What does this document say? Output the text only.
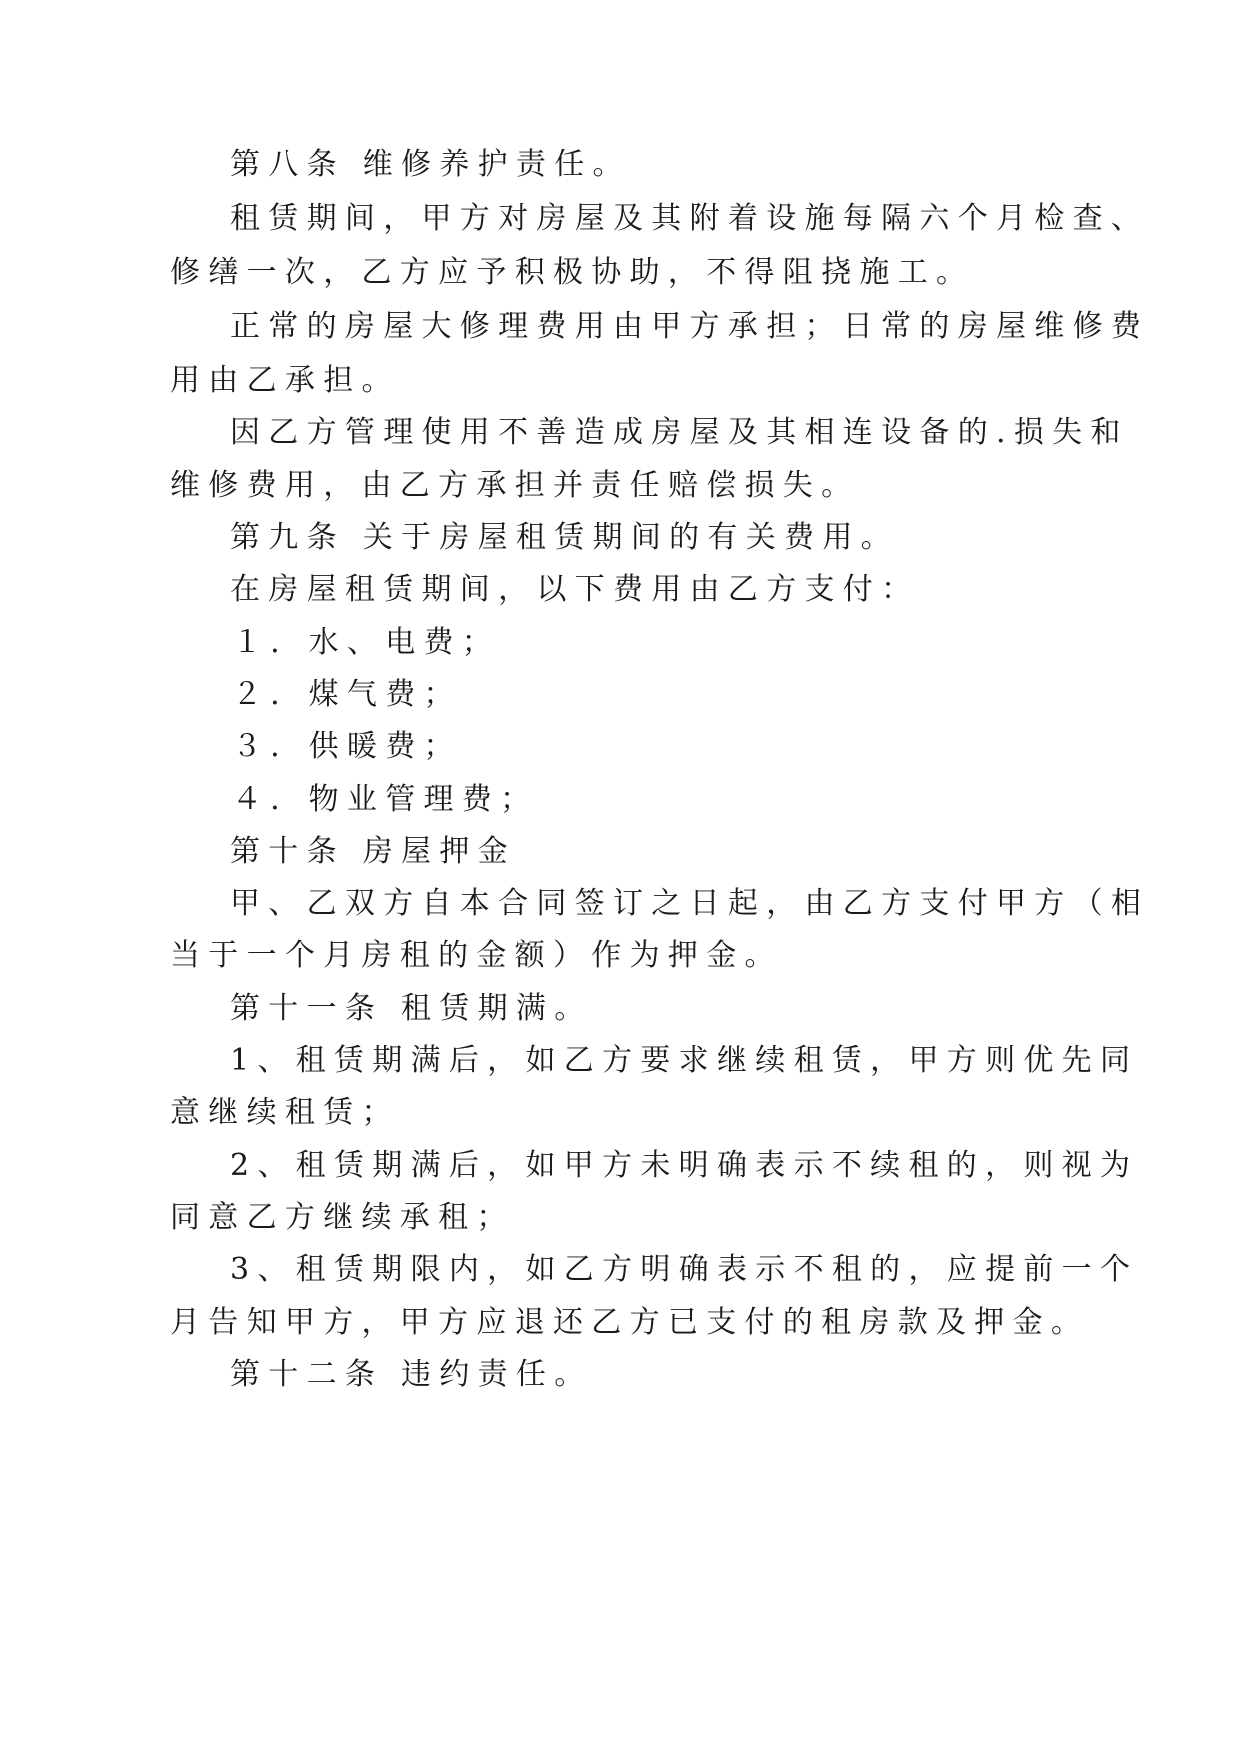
第八条 维修养护责任。
租赁期间，甲方对房屋及其附着设施每隔六个月检查、
修缮一次，乙方应予积极协助，不得阻挠施工。
正常的房屋大修理费用由甲方承担；日常的房屋维修费
用由乙承担。
因乙方管理使用不善造成房屋及其相连设备的.损失和
维修费用，由乙方承担并责任赔偿损失。
第九条 关于房屋租赁期间的有关费用。
在房屋租赁期间，以下费用由乙方支付：
１．水、电费；
２．煤气费；
３．供暖费；
４．物业管理费；
第十条 房屋押金
甲、乙双方自本合同签订之日起，由乙方支付甲方（相
当于一个月房租的金额）作为押金。
第十一条 租赁期满。
1、租赁期满后，如乙方要求继续租赁，甲方则优先同
意继续租赁；
2、租赁期满后，如甲方未明确表示不续租的，则视为
同意乙方继续承租；
3、租赁期限内，如乙方明确表示不租的，应提前一个
月告知甲方，甲方应退还乙方已支付的租房款及押金。
第十二条 违约责任。
